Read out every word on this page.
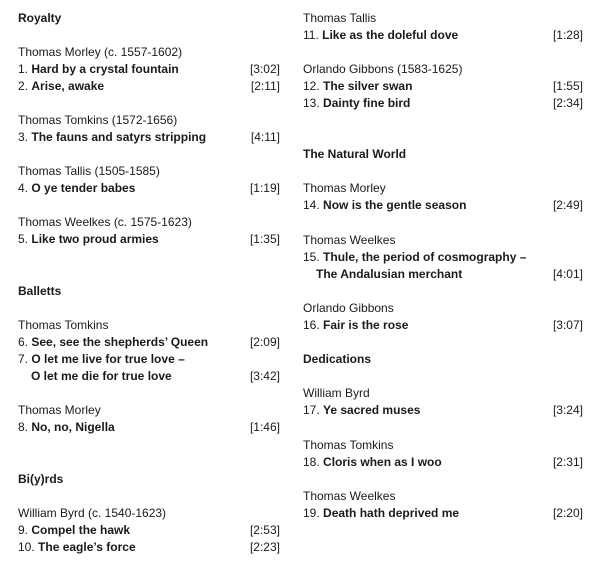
Royalty
Thomas Morley (c. 1557-1602)
1. Hard by a crystal fountain	[3:02]
2. Arise, awake	[2:11]
Thomas Tomkins (1572-1656)
3. The fauns and satyrs stripping	[4:11]
Thomas Tallis (1505-1585)
4. O ye tender babes	[1:19]
Thomas Weelkes (c. 1575-1623)
5. Like two proud armies	[1:35]
Balletts
Thomas Tomkins
6. See, see the shepherds’ Queen	[2:09]
7. O let me live for true love –
O let me die for true love	[3:42]
Thomas Morley
8. No, no, Nigella	[1:46]
Bi(y)rds
William Byrd (c. 1540-1623)
9. Compel the hawk	[2:53]
10. The eagle’s force	[2:23]
Thomas Tallis
11. Like as the doleful dove	[1:28]
Orlando Gibbons (1583-1625)
12. The silver swan	[1:55]
13. Dainty fine bird	[2:34]
The Natural World
Thomas Morley
14. Now is the gentle season	[2:49]
Thomas Weelkes
15. Thule, the period of cosmography –
The Andalusian merchant	[4:01]
Orlando Gibbons
16. Fair is the rose	[3:07]
Dedications
William Byrd
17. Ye sacred muses	[3:24]
Thomas Tomkins
18. Cloris when as I woo	[2:31]
Thomas Weelkes
19. Death hath deprived me	[2:20]
